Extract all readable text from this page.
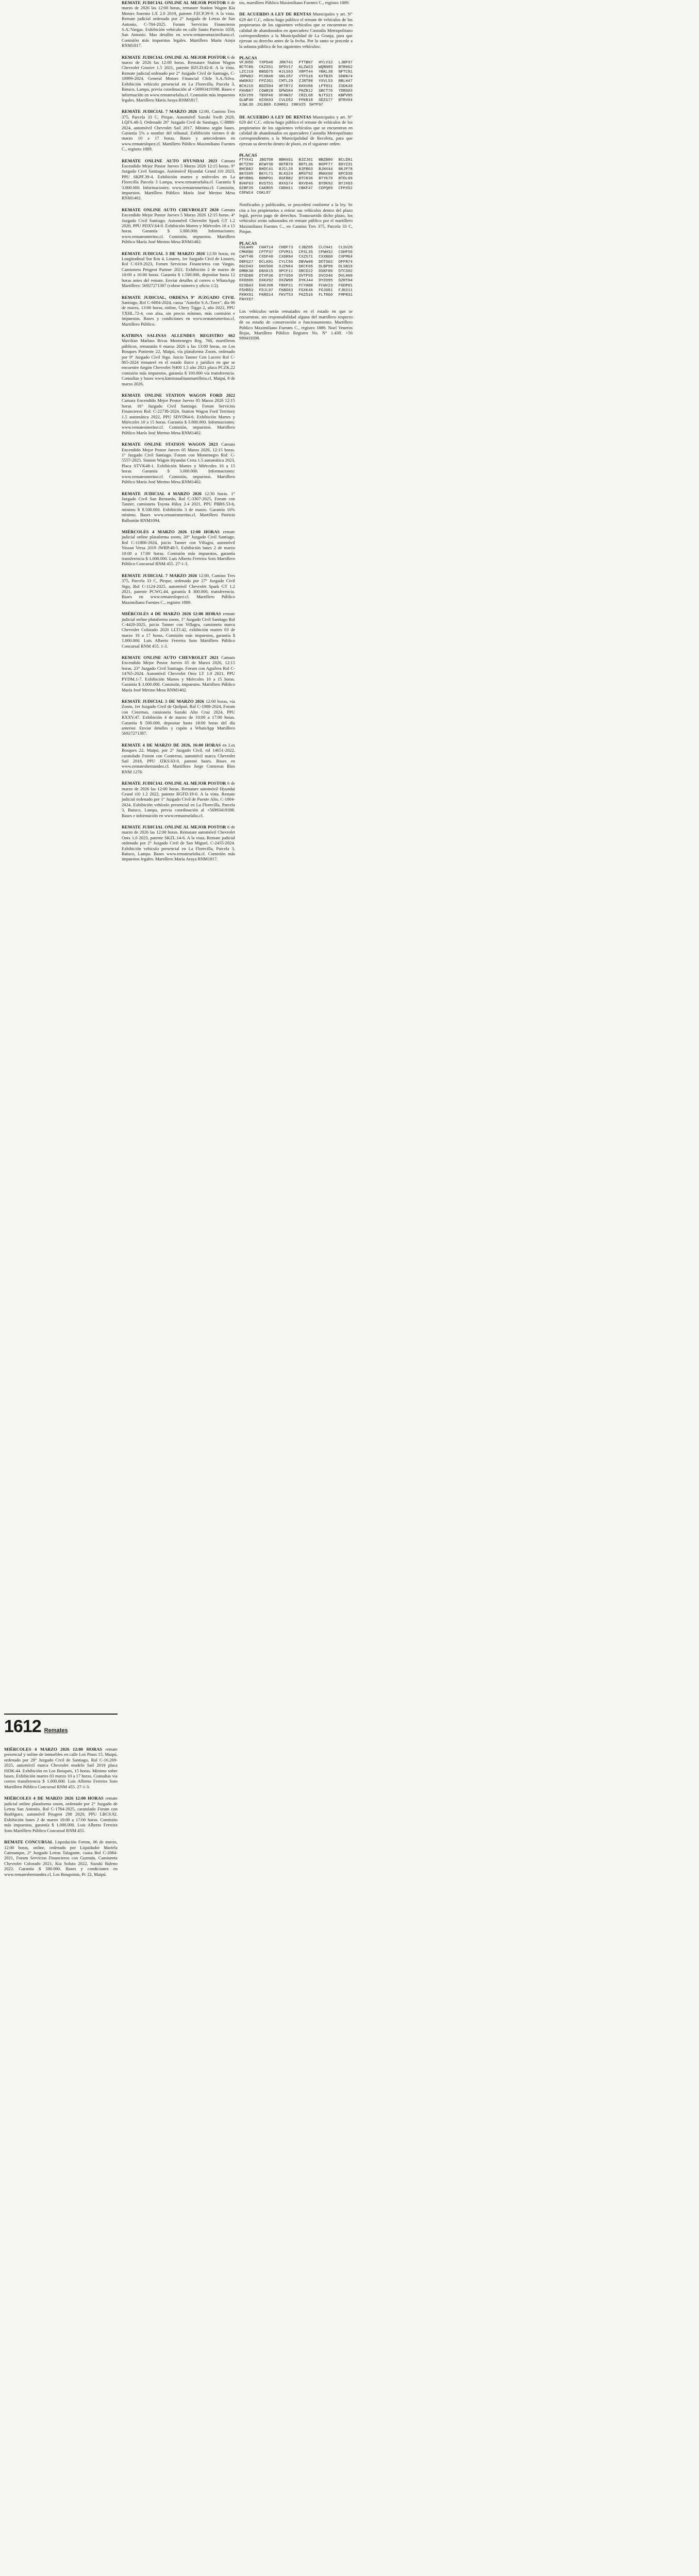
REMATE JUDICIAL ONLINE AL MEJOR POSTOR 6 de marzo de 2026 las 12:00 horas, rematare Station Wagon Kia Motors Sorento LX 2.0 2019, patente FZCP.39-9. A la vista. Remate judicial ordenado por 2° Juzgado de Letras de San Antonio, C-784-2025. Forum Servicios Financieros S.A./Vargas. Exhibición vehículo en calle Santo Patricio 1058, San Antonio. Mas detalles en www.rematesmaximiliano.cl. Comisión más impuestos legales. Martillero María Araya RNM1817.

REMATE JUDICIAL ONLINE AL MEJOR POSTOR 6 de marzo de 2026 las 12:00 horas. Rematare Station Wagon Chevrolet Groove 1.5 2021, patente RZGD.82-8. A la vista. Remate judicial ordenado por 2° Juzgado Civil de Santiago, C-10999-2024. General Motors Financial Chile S.A./Silva. Exhibición vehículo presencial en La Florecilla, Parcela 3, Batuco, Lampa, previa coordinación al +56993419398. Bases e información en www.remateselalta.cl. Comisión más impuestos legales. Martillero María Araya RNM1817.

REMATE JUDICIAL 7 MARZO 2026 12:00, Camino Tres 375, Parcela 33 C, Pirque, Automóvil Suzuki Swift 2020, LQFS.48-3, Ordenado 26° Juzgado Civil de Santiago, C-8888-2024, automóvil Chevrolet Sail 2017. Mínimo según bases. Garantía 5% a nombre del tribunal. Exhibición viernes 6 de marzo 10 a 17 horas. Bases y antecedentes en www.remateslopez.cl. Martillero Público Maximiliano Fuentes C., registro 1889.

REMATE ONLINE AUTO HYUNDAI 2023 Camara Encendido Mejor Postor Jueves 5 Marzo 2026 12:15 horas. 9° Juzgado Civil Santiago. Automóvil Hyundai Grand i10 2023, PPU SKPF.39-4. Exhibición martes y miércoles en La Florecilla Parcela 3 Lampa, www.remateselalta.cl. Garantía $ 3.000.000. Informaciones: www.rematesmerino.cl. Comisión, impuestos. Martillero Público María José Merino Mesa RNM1402.

REMATE ONLINE AUTO CHEVROLET 2020 Camara Encendido Mejor Postor Jueves 5 Marzo 2026 12:15 horas. 4° Juzgado Civil Santiago. Automóvil Chevrolet Spark GT 1.2 2020, PPU PDXV.64-0. Exhibición Martes y Miércoles 10 a 15 horas. Garantía $ 3.000.000. Informaciones: www.rematesmerino.cl. Comisión, impuestos. Martillero Público María José Merino Mesa RNM1402.

REMATE JUDICIAL 3 DE MARZO 2026 12:30 horas, en Longitudinal Sur Km 4, Linares, 1er Juzgado Civil de Linares, Rol C-619-2023, Forum Servicios Financieros con Vargas. Camioneta Peugeot Partner 2021. Exhibición 2 de marzo de 10:00 a 16:00 horas. Garantía $ 1.500.000, depositar hasta 12 horas antes del remate. Enviar detalles al correo o WhatsApp Martillero: 56927271387 (cobrar número y oficio 1/2).

REMATE JUDICIAL, ORDENA 9° JUZGADO CIVIL Santiago, Rol C-6884-2024, causa "Autofin S.A./Torre", día 06 de marzo, 13:00 horas, online, Chery Tiggo 2, año 2022, PPU TXHL.72-4, con alza, sin precio mínimo, más comisión e impuestos. Bases y condiciones en www.rematesmerino.cl, Martillero Público.

KATRINA SALINAS ALLENDES REGISTRO 662 Mavilian Matlaso Rivas Montenegro Reg. 766, martilleros públicos, rematarán 6 marzo 2026 a las 13:00 horas, en Los Bosques Poniente 22, Maipú, vía plataforma Zoom, ordenado por 9° Juzgado Civil Stgo. Juicio Tanner Con Lucero Rol C-865-2024 remateré en el estado físico y jurídico en que se encuentre furgón Chevrolet N400 1.5 año 2021 placa PCZK.22 comisión más impuestos, garantía $ 100.000 vía transferencia. Consultas y bases www.katrinasalinasmartillera.cl. Maipú, 8 de marzo 2026.

REMATE ONLINE STATION WAGON FORD 2022 Camara Encendido Mejor Postor Jueves 05 Marzo 2026 12:15 horas. 16° Juzgado Civil Santiago. Forum Servicios Financieros Rol: C-22738-2024. Station Wagon Ford Territory 1.5 automática 2022, PPU SDVD64-6. Exhibición Martes y Miércoles 10 a 15 horas. Garantía $ 3.000.000. Informaciones: www.rematesmerino.cl. Comisión, impuestos. Martillero Público María José Merino Mesa RNM1402.

REMATE ONLINE STATION WAGON 2023 Camara Encendido Mejor Postor Jueves 05 Marzo 2026, 12:15 horas. 1° Juzgado Civil Santiago. Forum con Montenegro Rol: C-5557-2025. Station Wagon Hyundai Creta 1.5 automática 2023, Placa STVK48-1. Exhibición Martes y Miércoles 10 a 15 horas. Garantía $ 3.000.000. Informaciones: www.rematesmerino.cl. Comisión, impuestos. Martillero Público María José Merino Mesa RNM1402.

REMATE JUDICIAL 4 MARZO 2026 12:30 horas. 1° Juzgado Civil San Bernardo, Rol C-3307-2025, Forum con Tanner, camioneta Toyota Hilux 2.4 2021, PPU PBBS.53-6, mínimo $ 8.500.000. Exhibición 3 de marzo. Garantía 10% mínimo. Bases www.rematesmerino.cl. Martillero Patricio Balbontin RNM1094.

MIÉRCOLES 4 MARZO 2026 12:00 HORAS remate judicial online plataforma zoom, 20° Juzgado Civil Santiago, Rol C-11808-2024, juicio Tanner con Villagra, automóvil Nissan Versa 2019 JWRP.48-5. Exhibición lunes 2 de marzo 10:00 a 17:00 horas. Comisión más impuestos, garantía transferencia $ 1.000.000. Luis Alberto Ferreira Soto Martillero Público Concursal RNM 455. 27-1-3.

REMATE JUDICIAL 7 MARZO 2026 12:00, Camino Tres 375, Parcela 33 C, Pirque, ordenado por 27° Juzgado Civil Stgo, Rol C-1124-2025, automóvil Chevrolet Spark GT 1.2 2021, patente PCWG.44, garantía $ 300.000, transferencia. Bases en www.remateslopez.cl. Martillero Público Maximiliano Fuentes C., registro 1889.

MIÉRCOLES 4 DE MARZO 2026 12:00 HORAS remate judicial online plataforma zoom, 1° Juzgado Civil Santiago Rol C-4420-2025, juicio Tanner con Villagra, camioneta marca Chevrolet Colorado 2020 LLTJ.42, exhibición martes 03 de marzo 10 a 17 horas. Comisión más impuestos, garantía $ 1.000.000. Luis Alberto Ferreira Soto Martillero Público Concursal RNM 455. 1-3.

REMATE ONLINE AUTO CHEVROLET 2021 Camara Encendido Mejor Postor Jueves 05 de Marzo 2026, 12:15 horas. 23° Juzgado Civil Santiago. Forum con Aguilera Rol C-14765-2024. Automóvil Chevrolet Onix LT 1.0 2021, PPU PYDM.1-7. Exhibición Martes y Miércoles 10 a 15 horas. Garantía $ 3.000.000. Comisión, impuestos. Martillero Público María José Merino Mesa RNM1402.

REMATE JUDICIAL 5 DE MARZO 2026 12:00 horas, vía Zoom, 1er Juzgado Civil de Quilpué, Rol C-1988-2024, Forum con Cisternas, camioneta Suzuki Alto Cruz 2024, PPU RXXV.47. Exhibición 4 de marzo de 10:00 a 17:00 horas. Garantía $ 500.000, depositar hasta 18:00 horas del día anterior. Enviar detalles y cupón a WhatsApp Martillero 56927271387.

REMATE 4 DE MARZO DE 2026, 16:00 HORAS en Los Bosques 22, Maipú, por 2° Juzgado Civil, rol 14651-2022, caratulado Forum con Contreras, automóvil marca Chevrolet Sail 2018, PPU JZKS.63-0, patente bases. Bases en www.remateshernandez.cl. Martillero Jorge Contreras Ríos RNM 1278.

REMATE JUDICIAL ONLINE AL MEJOR POSTOR 6 de marzo de 2026 las 12:00 horas. Rematare automóvil Hyundai Grand i10 1.2 2022, patente RGFD.19-0. A la vista. Remate judicial ordenado por 1° Juzgado Civil de Puente Alto, C-1004-2024. Exhibición vehículo presencial en La Florecilla, Parcela 3, Batuco, Lampa, previa coordinación al +56993419398. Bases e información en www.remateselalta.cl.

REMATE JUDICIAL ONLINE AL MEJOR POSTOR 6 de marzo de 2026 las 12:00 horas. Rematare automóvil Chevrolet Onix 1.0 2023, patente SKZL.14-6. A la vista. Remate judicial ordenado por 2° Juzgado Civil de San Miguel, C-2455-2024. Exhibición vehículo presencial en La Florecilla, Parcela 3, Batuco, Lampa. Bases www.remateselalta.cl. Comisión más impuestos legales. Martillero María Araya RNM1817.

tos, martillero Público Maximiliano Fuentes C., registro 1889.

DE ACUERDO A LEY DE RENTAS Municipales y art. N° 629 del C.C. edicto hago público el remate de vehículos de los propietarios de los siguientes vehículos que se encuentran en calidad de abandonados en aparcadero Custodia Metropolitano correspondientes a la Municipalidad de La Granja, para que ejerzan su derecho antes de la fecha. Por lo tanto se procede a la subasta pública de los siguientes vehículos:

PLACAS
VFJH50 YXPD46 JRKT41 PTTB87 HYLV32 LJBF97 BCTC86 CKZS51 DPDV17 KLZW23 WQRN85 BTRH62 LZCJ19 BBGD75 HJLS63 XRPT44 YBKL38 NFTC81 JDPW92 PCXR40 GRLS57 VTFS16 KXTB35 SDRN74 HWGK02 FPZJ61 CMTL29 ZJRT88 YXVL53 RBLH47 BCHJ15 BDZG94 HFTR72 KHXV06 LPTR31 ZXDK49 FHVB67 CGWR28 GPWS84 PHZR12 SBCT76 YDRG03 KSVJ59 TBXP46 DFHW37 CRZL68 NJTS21 KBPV85 GLWF40 HZXK93 CVLD52 FPKR18 GDZS77 BTRV04 XJWL36 JXLB69 DJHR61 CRKV25 SHTF97

DE ACUERDO A LEY DE RENTAS Municipales y art. N° 629 del C.C. edicto hago público el remate de vehículos de los propietarios de los siguientes vehículos que se encuentran en calidad de abandonados en aparcadero Custodia Metropolitano correspondientes a la Municipalidad de Recoleta, para que ejerzan su derecho dentro de plazo, en el siguiente orden:

PLACAS
FTYX41 JBGT08 BBHX61 BJZJ81 BBZB86 BCLD81 BCTZ96 BCWY30 BDTB70 BDTL36 BGPF77 BGYZ31 BHCB82 BHDC41 BJCL26 BJFB03 BJHX44 BKJP78 BKYS05 BKYL71 BLKS24 BMST92 BNHX60 BPCD39 BPYB86 BRNP01 BSFB82 BTCR36 BTYK79 BTDL89 BVKF03 BVST51 BXXS74 BXVD46 BYDK92 BYJX83 DZBF26 CAKR65 CBDH11 CBKF47 CDPQ89 CFPX52 CGFW14 CGKL07

Notificados y publicados, se procederá conforme a la ley. Se cita a los propietarios a retirar sus vehículos dentro del plazo legal, previo pago de derechos. Transcurrido dicho plazo, los vehículos serán subastados en remate público por el martillero Maximiliano Fuentes C., en Camino Tres 375, Parcela 33 C, Pirque.

PLACAS
CGLW49 CHAT14 CHDF73 CJBZ05 CLCH41 CLSV26 CMKR80 CPTP37 CPVM11 CPXL35 CPWH32 CSHF56 CWYT48 CXDF40 CXGR94 CXZS71 CXXB60 CXPM64 DBFG27 DCLK91 CYLC56 DBVW40 DDTS02 DFFR74 DGCD43 DHXS06 DJZN64 DKCF05 DLBP99 DLSN19 DMRK38 DNXK15 DPCF11 DRCD22 DSKF86 DTCS02 DTGD88 DTXF36 DTYS50 DVTF55 DVCD46 DVLH60 DXD806 DXKX92 DXZW98 DYKJ44 DYZ095 DZRT64 DZXB43 EH6J08 FBXP21 FCYH88 FCWV23 FGDP01 FGVB53 FDJL97 FKBG63 FGXK46 FGJ081 FJKX11 FKHX91 FKRG14 FKVT53 FKZ516 FLTR66 FMPR31 FNYX57

Los vehículos serán rematados en el estado en que se encuentran, sin responsabilidad alguna del martillero respecto de su estado de conservación o funcionamiento. Martillero Público Maximiliano Fuentes C., registro 1889. Noel Veneros Rojas, Martillero Público Registro No. N° 1.438. +56 999419398.

1612 Remates

MIÉRCOLES 4 MARZO 2026 12:00 HORAS remate presencial y online de inmuebles en calle Los Pinos 15, Maipú, ordenado por 29° Juzgado Civil de Santiago, Rol C-16.269-2025, automóvil marca Chevrolet modelo Sail 2019 placa ISDK.44. Exhibición en Los Bosques, 15 horas. Mínimo sobre bases. Exhibición martes 03 marzo 10 a 17 horas. Consultas vía correo transferencia $ 1.000.000. Luis Alberto Ferreira Soto Martillero Público Concursal RNM 455. 27-1-3.

MIÉRCOLES 4 DE MARZO 2026 12:00 HORAS remate judicial online plataforma zoom, ordenado por 2° Juzgado de Letras San Antonio, Rol C-1784-2025, caratulado Forum con Rodríguez, automóvil Peugeot 208 2020, PPU LBCS.92. Exhibición lunes 2 de marzo 10:00 a 17:00 horas. Comisión más impuestos, garantía $ 1.000.000. Luis Alberto Ferreira Soto Martillero Público Concursal RNM 455.

REMATE CONCURSAL Liquidación Forum, 06 de marzo, 12:00 horas, online, ordenado por Liquidador Mariela Caimanque, 2° Juzgado Letras Talagante, causa Rol C-2084-2021, Forum Servicios Financieros con Guzmán. Camioneta Chevrolet Colorado 2021, Kia Soluto 2022, Suzuki Baleno 2022. Garantía $ 500.000. Bases y condiciones en www.remateshernandez.cl, Los Bosquinos, Pc 22, Maipú.
